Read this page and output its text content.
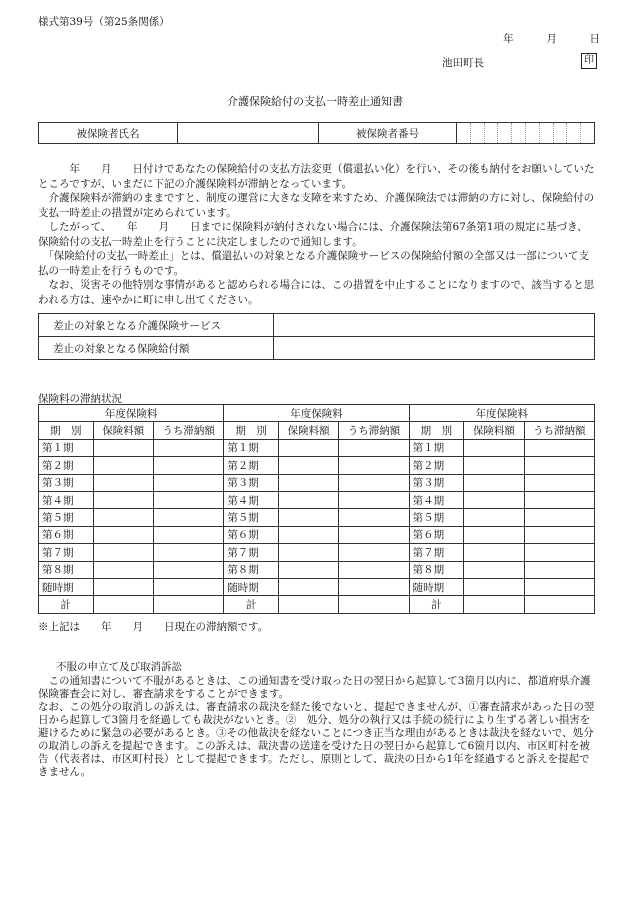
様式第39号（第25条関係）
年	月	日
池田町長	印
介護保険給付の支払一時差止通知書
被保険者氏名		被保険者番号	

　　年　　月　　日付けであなたの保険給付の支払方法変更（償還払い化）を行い、その後も納付をお願いしていたところですが、いまだに下記の介護保険料が滞納となっています。

　介護保険料が滞納のままですと、制度の運営に大きな支障を来すため、介護保険法では滞納の方に対し、保険給付の支払一時差止の措置が定められています。

　したがって、　　年　　月　　日までに保険料が納付されない場合には、介護保険法第67条第1項の規定に基づき、保険給付の支払一時差止を行うことに決定しましたので通知します。

「保険給付の支払一時差止」とは、償還払いの対象となる介護保険サービスの保険給付額の全部又は一部について支払の一時差止を行うものです。

　なお、災害その他特別な事情があると認められる場合には、この措置を中止することになりますので、該当すると思われる方は、速やかに町に申し出てください。

差止の対象となる介護保険サービス	
差止の対象となる保険給付額	
保険料の滞納状況
年度保険料			年度保険料			年度保険料		
期　別	保険料額	うち滞納額	期　別	保険料額	うち滞納額	期　別	保険料額	うち滞納額
第１期			第１期			第１期		
第２期			第２期			第２期		
第３期			第３期			第３期		
第４期			第４期			第４期		
第５期			第５期			第５期		
第６期			第６期			第６期		
第７期			第７期			第７期		
第８期			第８期			第８期		
随時期			随時期			随時期		
計			計			計		
※上記は　　年　　月　　日現在の滞納額です。
不服の申立て及び取消訴訟

　この通知書について不服があるときは、この通知書を受け取った日の翌日から起算して3箇月以内に、都道府県介護保険審査会に対し、審査請求をすることができます。

なお、この処分の取消しの訴えは、審査請求の裁決を経た後でないと、提起できませんが、①審査請求があった日の翌日から起算して3箇月を経過しても裁決がないとき。②　処分、処分の執行又は手続の続行により生ずる著しい損害を避けるために緊急の必要があるとき。③その他裁決を経ないことにつき正当な理由があるときは裁決を経ないで、処分の取消しの訴えを提起できます。この訴えは、裁決書の送達を受けた日の翌日から起算して6箇月以内、市区町村を被告（代表者は、市区町村長）として提起できます。ただし、原則として、裁決の日から1年を経過すると訴えを提起できません。
